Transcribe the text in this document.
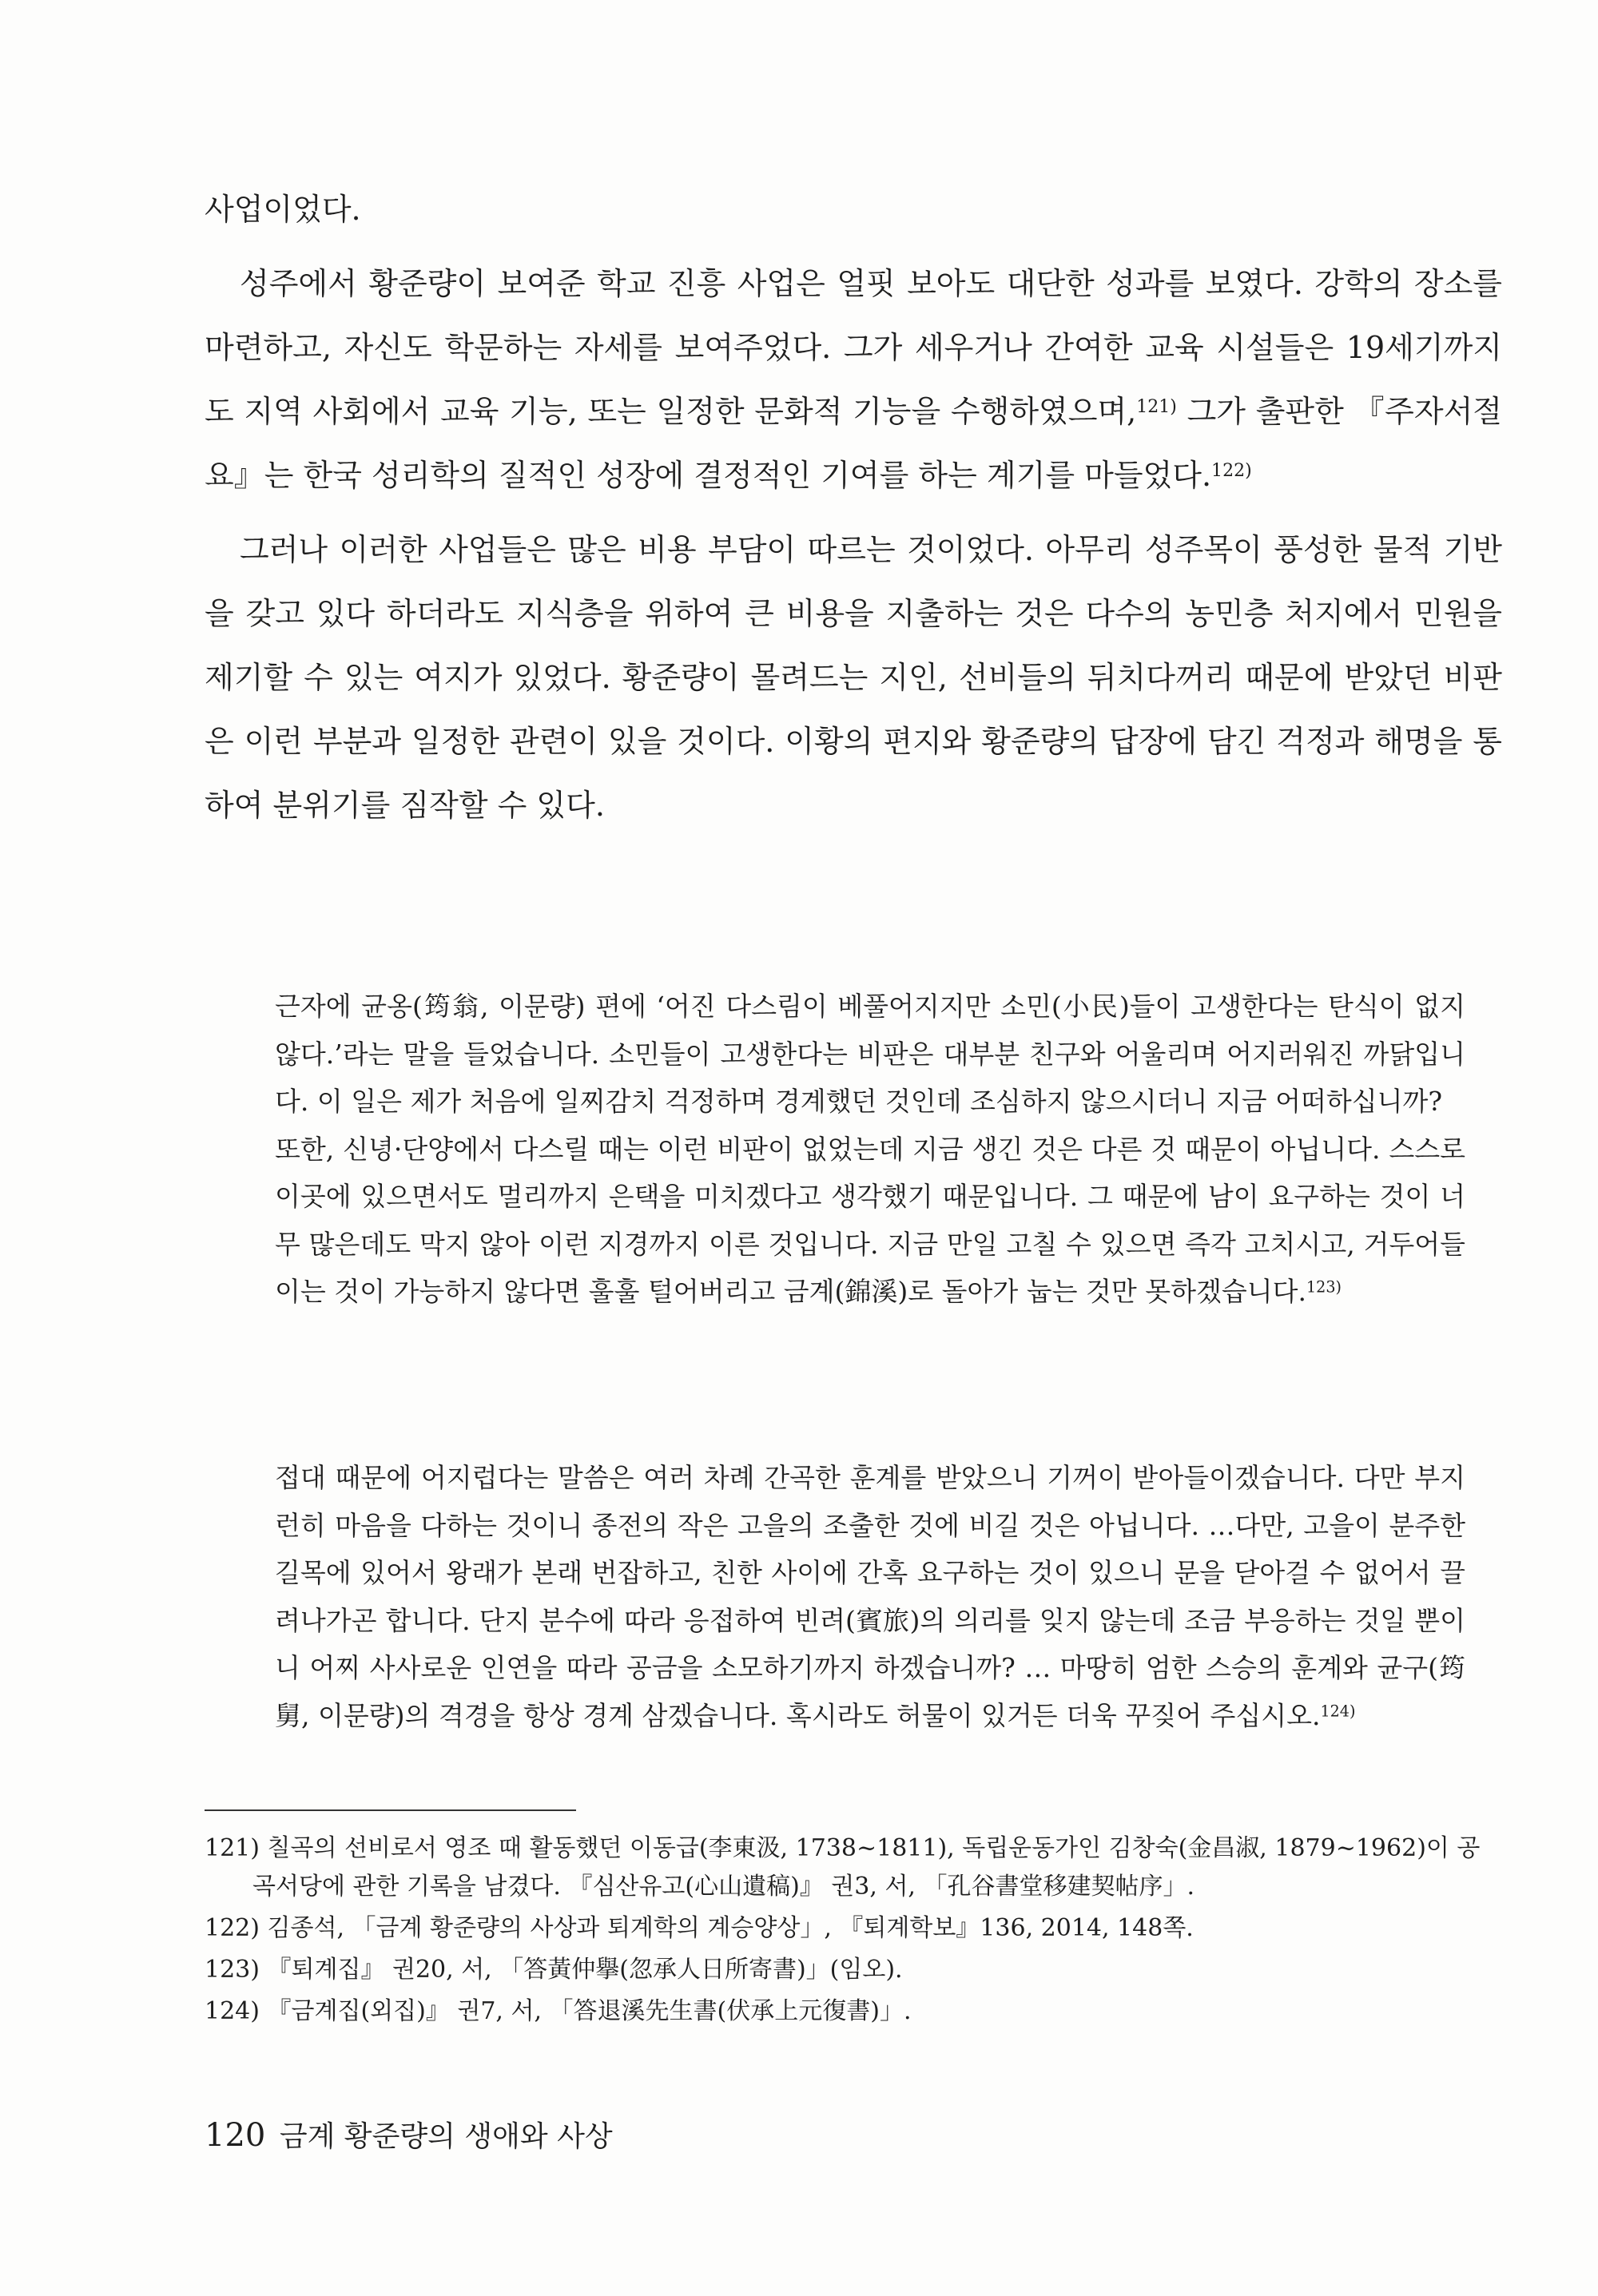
사업이었다.

성주에서 황준량이 보여준 학교 진흥 사업은 얼핏 보아도 대단한 성과를 보였다. 강학의 장소를 마련하고, 자신도 학문하는 자세를 보여주었다. 그가 세우거나 간여한 교육 시설들은 19세기까지도 지역 사회에서 교육 기능, 또는 일정한 문화적 기능을 수행하였으며,$^{121)}$ 그가 출판한 『주자서절요』는 한국 성리학의 질적인 성장에 결정적인 기여를 하는 계기를 마들었다.$^{122)}$

그러나 이러한 사업들은 많은 비용 부담이 따르는 것이었다. 아무리 성주목이 풍성한 물적 기반을 갖고 있다 하더라도 지식층을 위하여 큰 비용을 지출하는 것은 다수의 농민층 처지에서 민원을 제기할 수 있는 여지가 있었다. 황준량이 몰려드는 지인, 선비들의 뒤치다꺼리 때문에 받았던 비판은 이런 부분과 일정한 관련이 있을 것이다. 이황의 편지와 황준량의 답장에 담긴 걱정과 해명을 통하여 분위기를 짐작할 수 있다.

근자에 균옹(筠翁, 이문량) 편에 ‘어진 다스림이 베풀어지지만 소민(小民)들이 고생한다는 탄식이 없지 않다.’라는 말을 들었습니다. 소민들이 고생한다는 비판은 대부분 친구와 어울리며 어지러워진 까닭입니다. 이 일은 제가 처음에 일찌감치 걱정하며 경계했던 것인데 조심하지 않으시더니 지금 어떠하십니까?

또한, 신녕·단양에서 다스릴 때는 이런 비판이 없었는데 지금 생긴 것은 다른 것 때문이 아닙니다. 스스로 이곳에 있으면서도 멀리까지 은택을 미치겠다고 생각했기 때문입니다. 그 때문에 남이 요구하는 것이 너무 많은데도 막지 않아 이런 지경까지 이른 것입니다. 지금 만일 고칠 수 있으면 즉각 고치시고, 거두어들이는 것이 가능하지 않다면 훌훌 털어버리고 금계(錦溪)로 돌아가 눕는 것만 못하겠습니다.$^{123)}$

접대 때문에 어지럽다는 말씀은 여러 차례 간곡한 훈계를 받았으니 기꺼이 받아들이겠습니다. 다만 부지런히 마음을 다하는 것이니 종전의 작은 고을의 조출한 것에 비길 것은 아닙니다. …다만, 고을이 분주한 길목에 있어서 왕래가 본래 번잡하고, 친한 사이에 간혹 요구하는 것이 있으니 문을 닫아걸 수 없어서 끌려나가곤 합니다. 단지 분수에 따라 응접하여 빈려(賓旅)의 의리를 잊지 않는데 조금 부응하는 것일 뿐이니 어찌 사사로운 인연을 따라 공금을 소모하기까지 하겠습니까? … 마땅히 엄한 스승의 훈계와 균구(筠舅, 이문량)의 격경을 항상 경계 삼겠습니다. 혹시라도 허물이 있거든 더욱 꾸짖어 주십시오.$^{124)}$

121) 칠곡의 선비로서 영조 때 활동했던 이동급(李東汲, 1738~1811), 독립운동가인 김창숙(金昌淑, 1879~1962)이 공곡서당에 관한 기록을 남겼다. 『심산유고(心山遺稿)』 권3, 서, 「孔谷書堂移建契帖序」.
122) 김종석, 「금계 황준량의 사상과 퇴계학의 계승양상」, 『퇴계학보』136, 2014, 148쪽.
123) 『퇴계집』 권20, 서, 「答黃仲擧(忽承人日所寄書)」(임오).
124) 『금계집(외집)』 권7, 서, 「答退溪先生書(伏承上元復書)」.
120 금계 황준량의 생애와 사상
